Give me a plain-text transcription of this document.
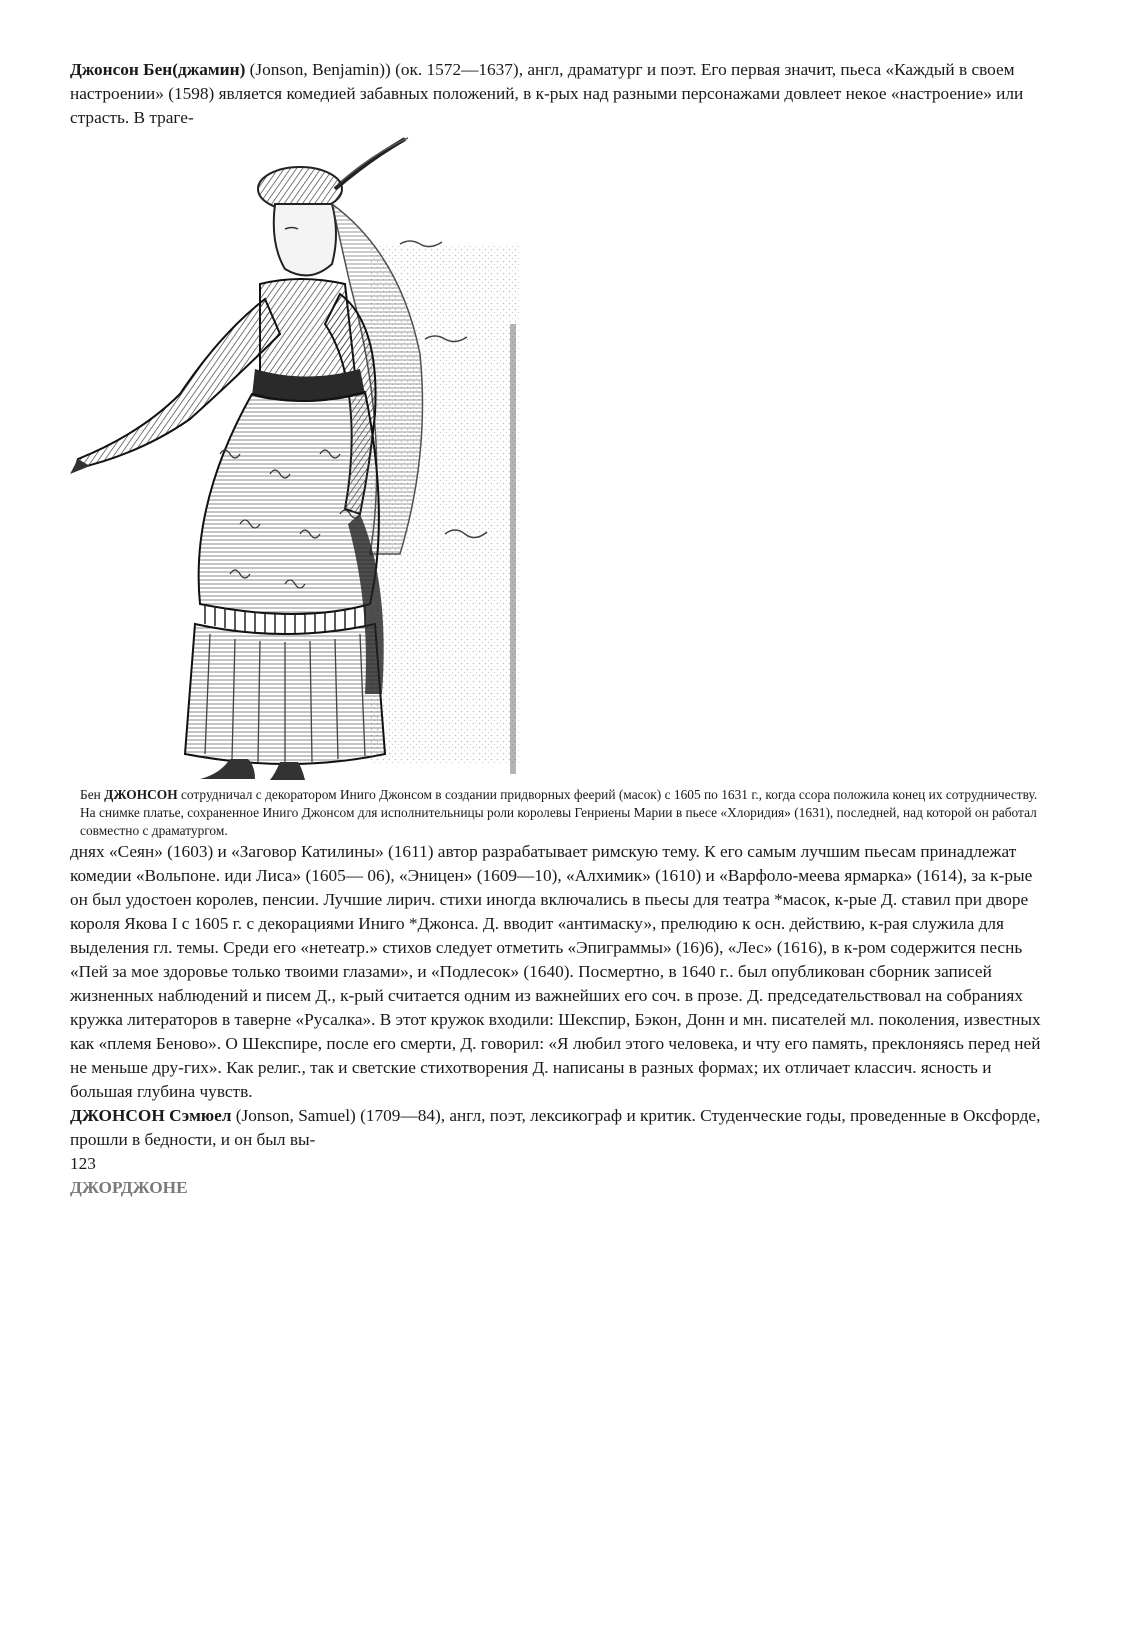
Джонсон Бен(джамин) (Jonson, Benjamin)) (ок. 1572—1637), англ, драматург и поэт. Его первая значит, пьеса «Каждый в своем настроении» (1598) является комедией забавных положений, в к-рых над разными персонажами довлеет некое «настроение» или страсть. В траге-

Бен ДЖОНСОН сотрудничал с декоратором Иниго Джонсом в создании придворных феерий (масок) с 1605 по 1631 г., когда ссора положила конец их сотрудничеству. На снимке платье, сохраненное Иниго Джонсом для исполнительницы роли королевы Генриены Марии в пьесе «Хлоридия» (1631), последней, над которой он работал совместно с драматургом.

днях «Сеян» (1603) и «Заговор Катилины» (1611) автор разрабатывает римскую тему. К его самым лучшим пьесам принадлежат комедии «Вольпоне. иди Лиса» (1605— 06), «Эницен» (1609—10), «Алхимик» (1610) и «Варфоло-меева ярмарка» (1614), за к-рые он был удостоен королев, пенсии. Лучшие лирич. стихи иногда включались в пьесы для театра *масок, к-рые Д. ставил при дворе короля Якова I с 1605 г. с декорациями Иниго *Джонса. Д. вводит «антимаску», прелюдию к осн. действию, к-рая служила для выделения гл. темы. Среди его «нетеатр.» стихов следует отметить «Эпиграммы» (16)6), «Лес» (1616), в к-ром содержится песнь «Пей за мое здоровье только твоими глазами», и «Подлесок» (1640). Посмертно, в 1640 г.. был опубликован сборник записей жизненных наблюдений и писем Д., к-рый считается одним из важнейших его соч. в прозе. Д. председательствовал на собраниях кружка литераторов в таверне «Русалка». В этот кружок входили: Шекспир, Бэкон, Донн и мн. писателей мл. поколения, известных как «племя Беново». О Шекспире, после его смерти, Д. говорил: «Я любил этого человека, и чту его память, преклоняясь перед ней не меньше дру-гих». Как религ., так и светские стихотворения Д. написаны в разных формах; их отличает классич. ясность и большая глубина чувств.

ДЖОНСОН Сэмюел (Jonson, Samuel) (1709—84), англ, поэт, лексикограф и критик. Студенческие годы, проведенные в Оксфорде, прошли в бедности, и он был вы-

123

ДЖОРДЖОНЕ
